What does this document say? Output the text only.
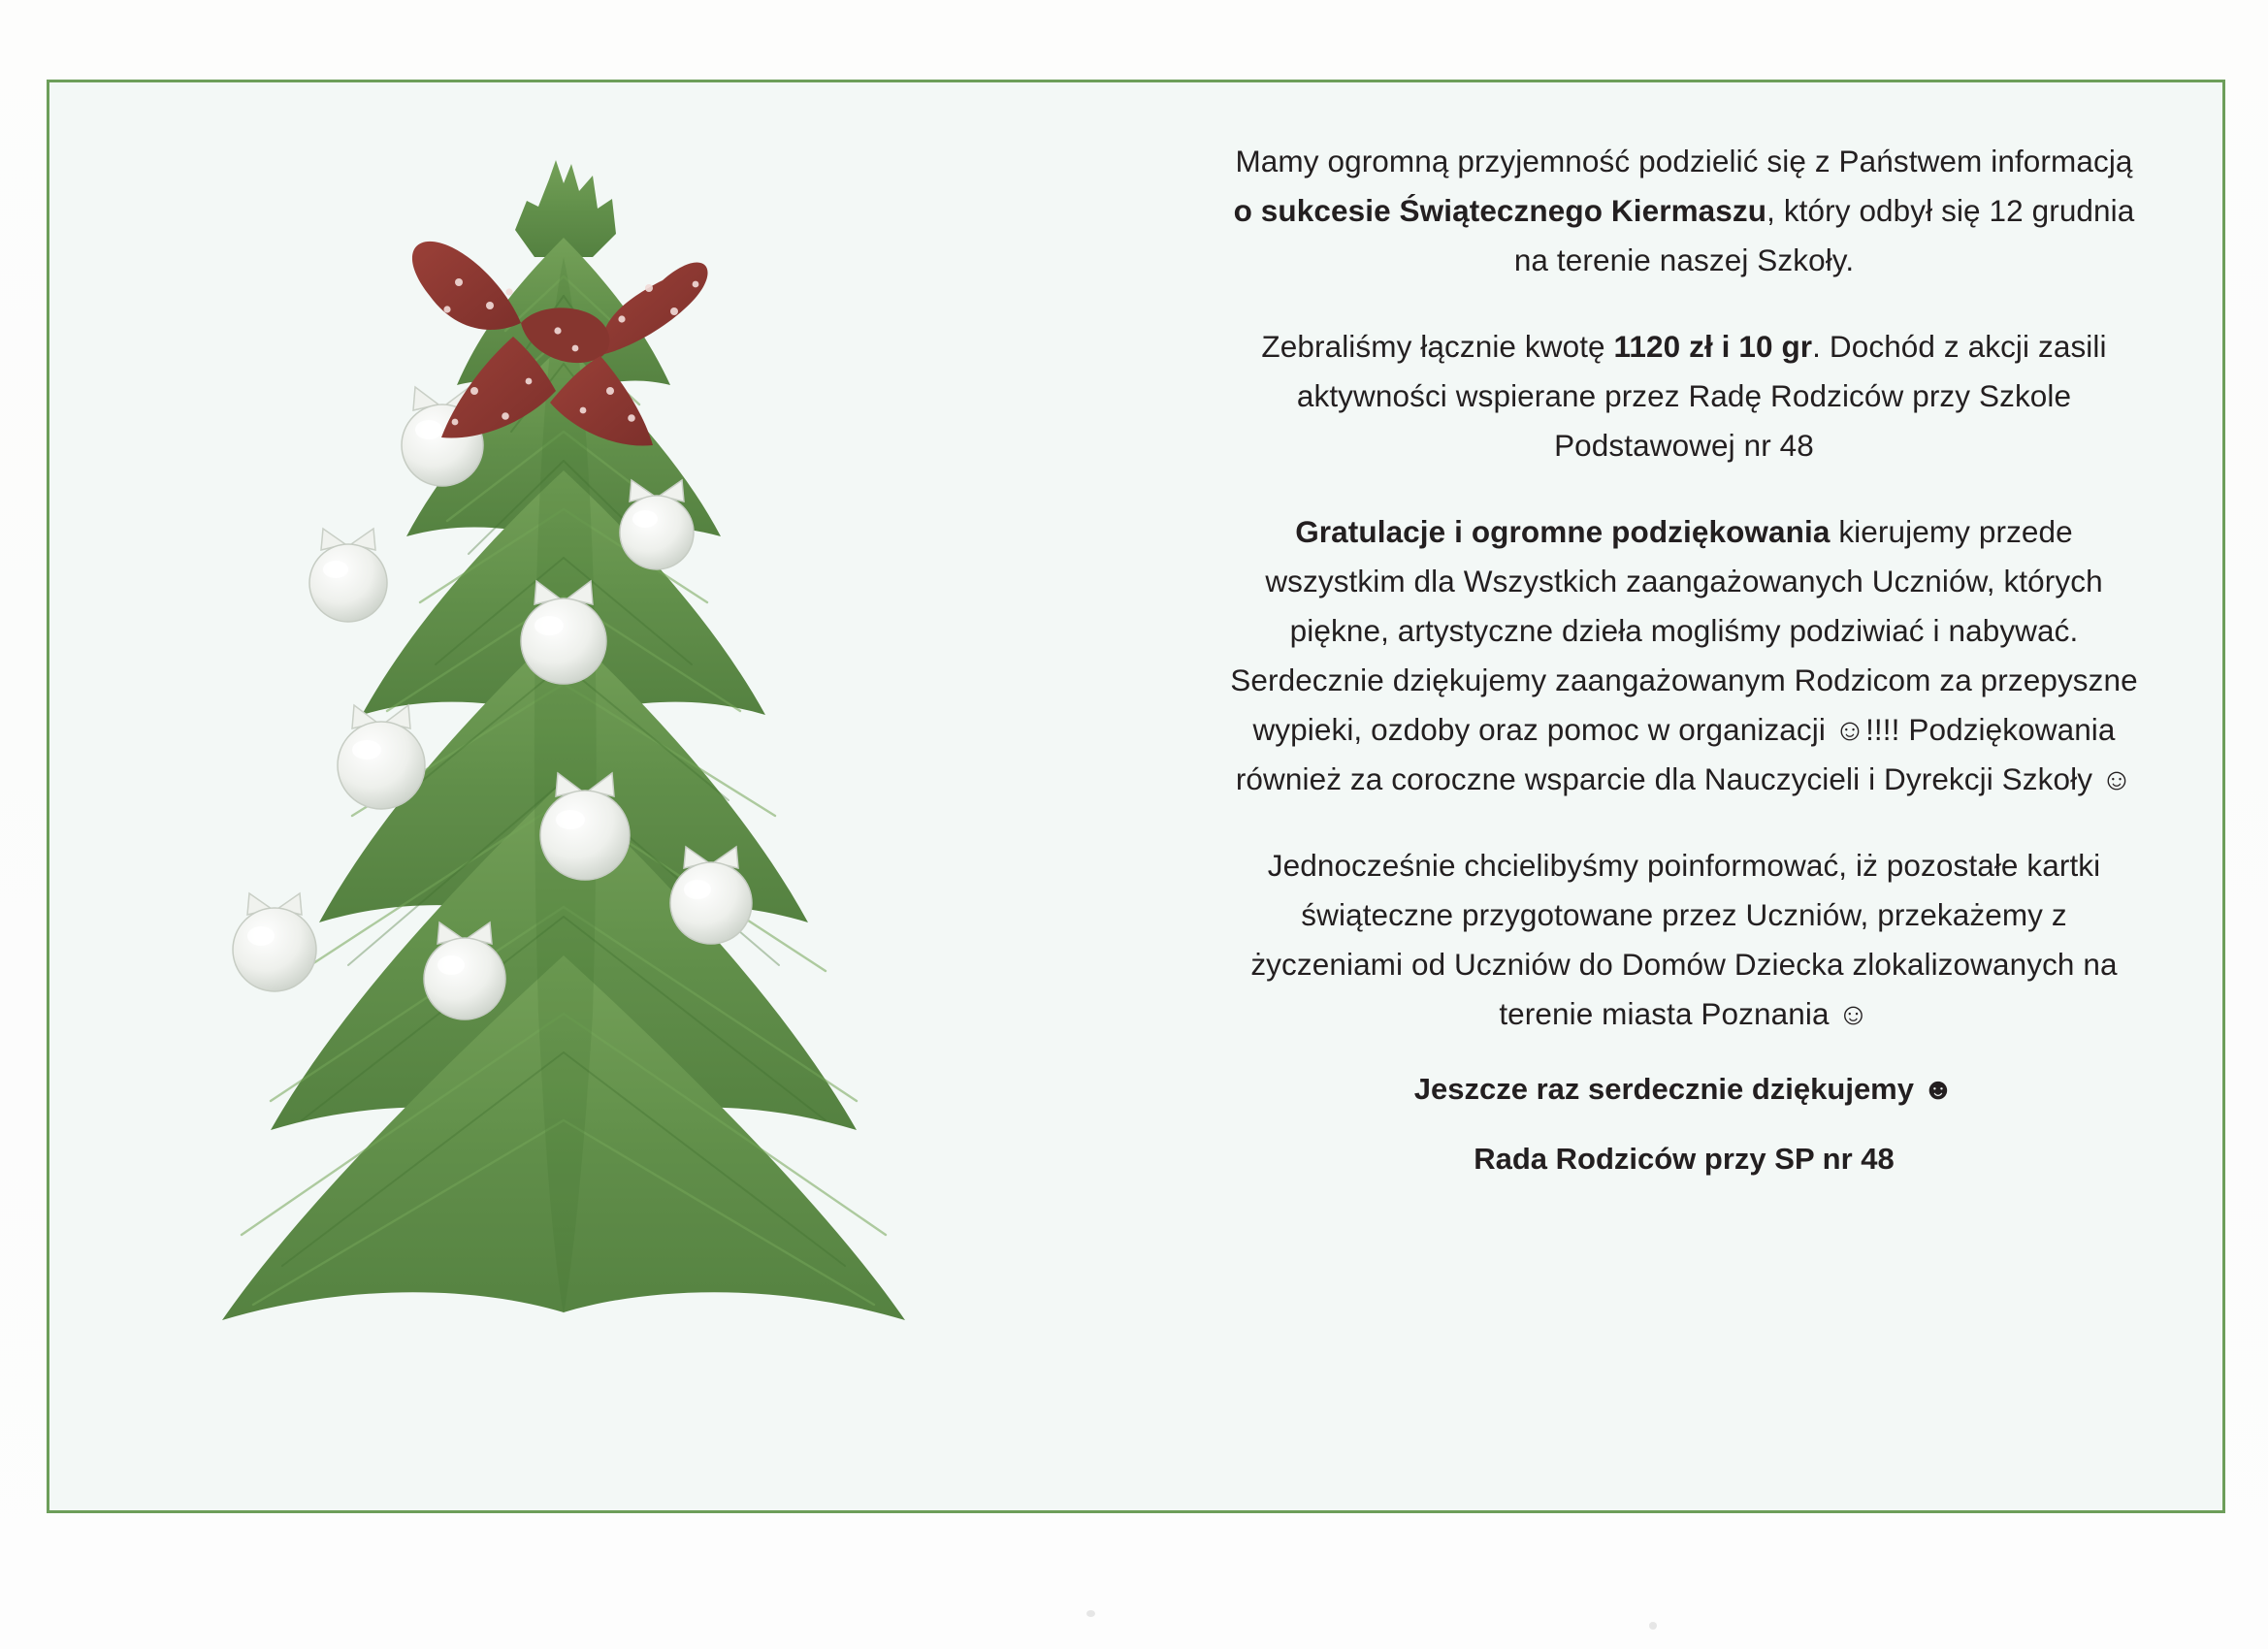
Mamy ogromną przyjemność podzielić się z Państwem informacją o sukcesie Świątecznego Kiermaszu, który odbył się 12 grudnia na terenie naszej Szkoły.

Zebraliśmy łącznie kwotę 1120 zł i 10 gr. Dochód z akcji zasili aktywności wspierane przez Radę Rodziców przy Szkole Podstawowej nr 48

Gratulacje i ogromne podziękowania kierujemy przede wszystkim dla Wszystkich zaangażowanych Uczniów, których piękne, artystyczne dzieła mogliśmy podziwiać i nabywać. Serdecznie dziękujemy zaangażowanym Rodzicom za przepyszne wypieki, ozdoby oraz pomoc w organizacji ☺!!!! Podziękowania również za coroczne wsparcie dla Nauczycieli i Dyrekcji Szkoły ☺

Jednocześnie chcielibyśmy poinformować, iż pozostałe kartki świąteczne przygotowane przez Uczniów, przekażemy z życzeniami od Uczniów do Domów Dziecka zlokalizowanych na terenie miasta Poznania ☺

Jeszcze raz serdecznie dziękujemy ☻

Rada Rodziców przy SP nr 48
